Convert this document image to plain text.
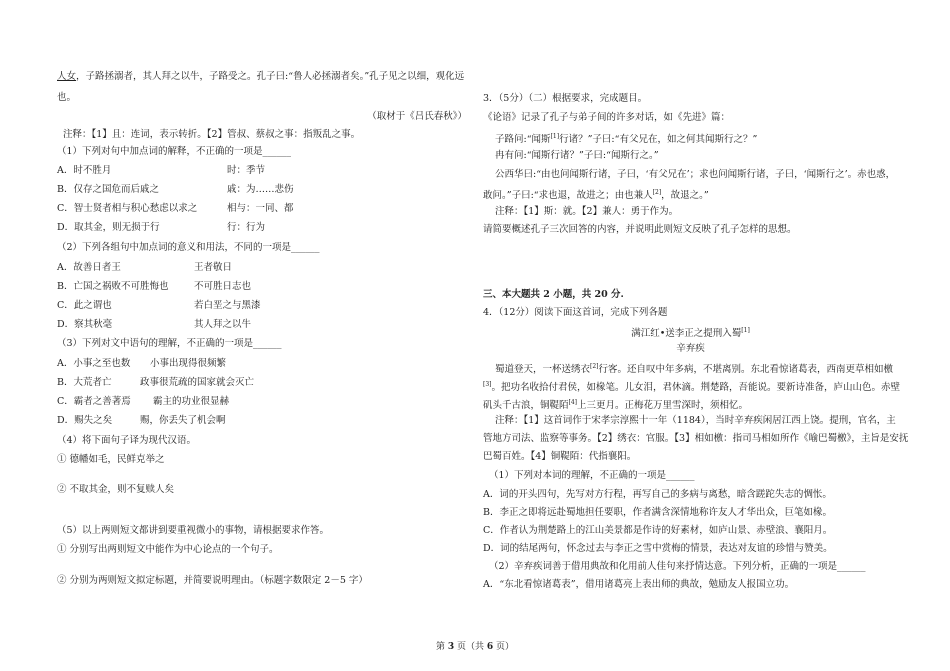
人女，子路拯溺者，其人拜之以牛，子路受之。孔子曰:“鲁人必拯溺者矣。”孔子见之以细，观化远
也。
（取材于《吕氏春秋》）
注释：【1】且：连词，表示转折。【2】管叔、蔡叔之事：指叛乱之事。
（1）下列对句中加点词的解释，不正确的一项是______
A．时不胜月	时：季节
B．仅存之国危而后戚之	戚：为……悲伤
C．智士贤者相与积心愁虑以求之	相与：一同、都
D．取其金，则无损于行	行：行为
（2）下列各组句中加点词的意义和用法，不同的一项是______
A．故善日者王	王者敬日
B．亡国之祸败不可胜悔也	不可胜日志也
C．此之谓也	若白垩之与黑漆
D．察其秋毫	其人拜之以牛
（3）下列对文中语句的理解，不正确的一项是______
A．小事之至也数 小事出现得很频繁
B．大荒者亡	政事很荒疏的国家就会灭亡
C．霸者之善著焉 霸主的功业很显赫
D．赐失之矣	赐，你丢失了机会啊
（4）将下面句子译为现代汉语。
① 德幡如毛，民鲜克举之
② 不取其金，则不复赎人矣
（5）以上两则短文都讲到要重视微小的事物，请根据要求作答。
① 分别写出两则短文中能作为中心论点的一个句子。
② 分别为两则短文拟定标题，并简要说明理由。（标题字数限定 2－5 字）
3．（5分）（二）根据要求，完成题目。
《论语》记录了孔子与弟子间的许多对话，如《先进》篇：
子路问:“闻斯[1]行诸？”子曰:“有父兄在，如之何其闻斯行之？”
冉有问:“闻斯行诸？”子曰:“闻斯行之。”
公西华曰:“由也问闻斯行诸，子曰，‘有父兄在’；求也问闻斯行诸，子曰，‘闻斯行之’。赤也惑，
敢问。”子曰:“求也退，故进之；由也兼人[2]，故退之。”
注释：【1】斯：就。【2】兼人：勇于作为。
请简要概述孔子三次回答的内容，并说明此则短文反映了孔子怎样的思想。
三、本大题共 2 小题，共 20 分.
4．（12分）阅读下面这首词，完成下列各题
满江红•送李正之提刑入蜀[1]
辛弃疾
蜀道登天，一杯送绣衣[2]行客。还自叹中年多病，不堪离别。东北看惊诸葛表，西南更草相如檄
[3]。把功名收拾付君侯，如椽笔。儿女泪，君休滴。荆楚路，吾能说。要新诗准备，庐山山色。赤壁
矶头千古浪，铜鞮陌[4]上三更月。正梅花万里雪深时，须相忆。
注释：【1】这首词作于宋孝宗淳熙十一年（1184），当时辛弃疾闲居江西上饶。提刑，官名，主
管地方司法、监察等事务。【2】绣衣：官服。【3】相如檄：指司马相如所作《喻巴蜀檄》，主旨是安抚
巴蜀百姓。【4】铜鞮陌：代指襄阳。
（1）下列对本词的理解，不正确的一项是______
A．词的开头四句，先写对方行程，再写自己的多病与离愁，暗含蹉跎失志的惆怅。
B．李正之即将远赴蜀地担任要职，作者满含深情地称许友人才华出众，巨笔如椽。
C．作者认为荆楚路上的江山美景都是作诗的好素材，如庐山景、赤壁浪、襄阳月。
D．词的结尾两句，怀念过去与李正之雪中赏梅的情景，表达对友谊的珍惜与赞美。
（2）辛弃疾词善于借用典故和化用前人佳句来抒情达意。下列分析，正确的一项是______
A．“东北看惊诸葛表”，借用诸葛亮上表出师的典故，勉励友人报国立功。
第 3 页（共 6 页）
